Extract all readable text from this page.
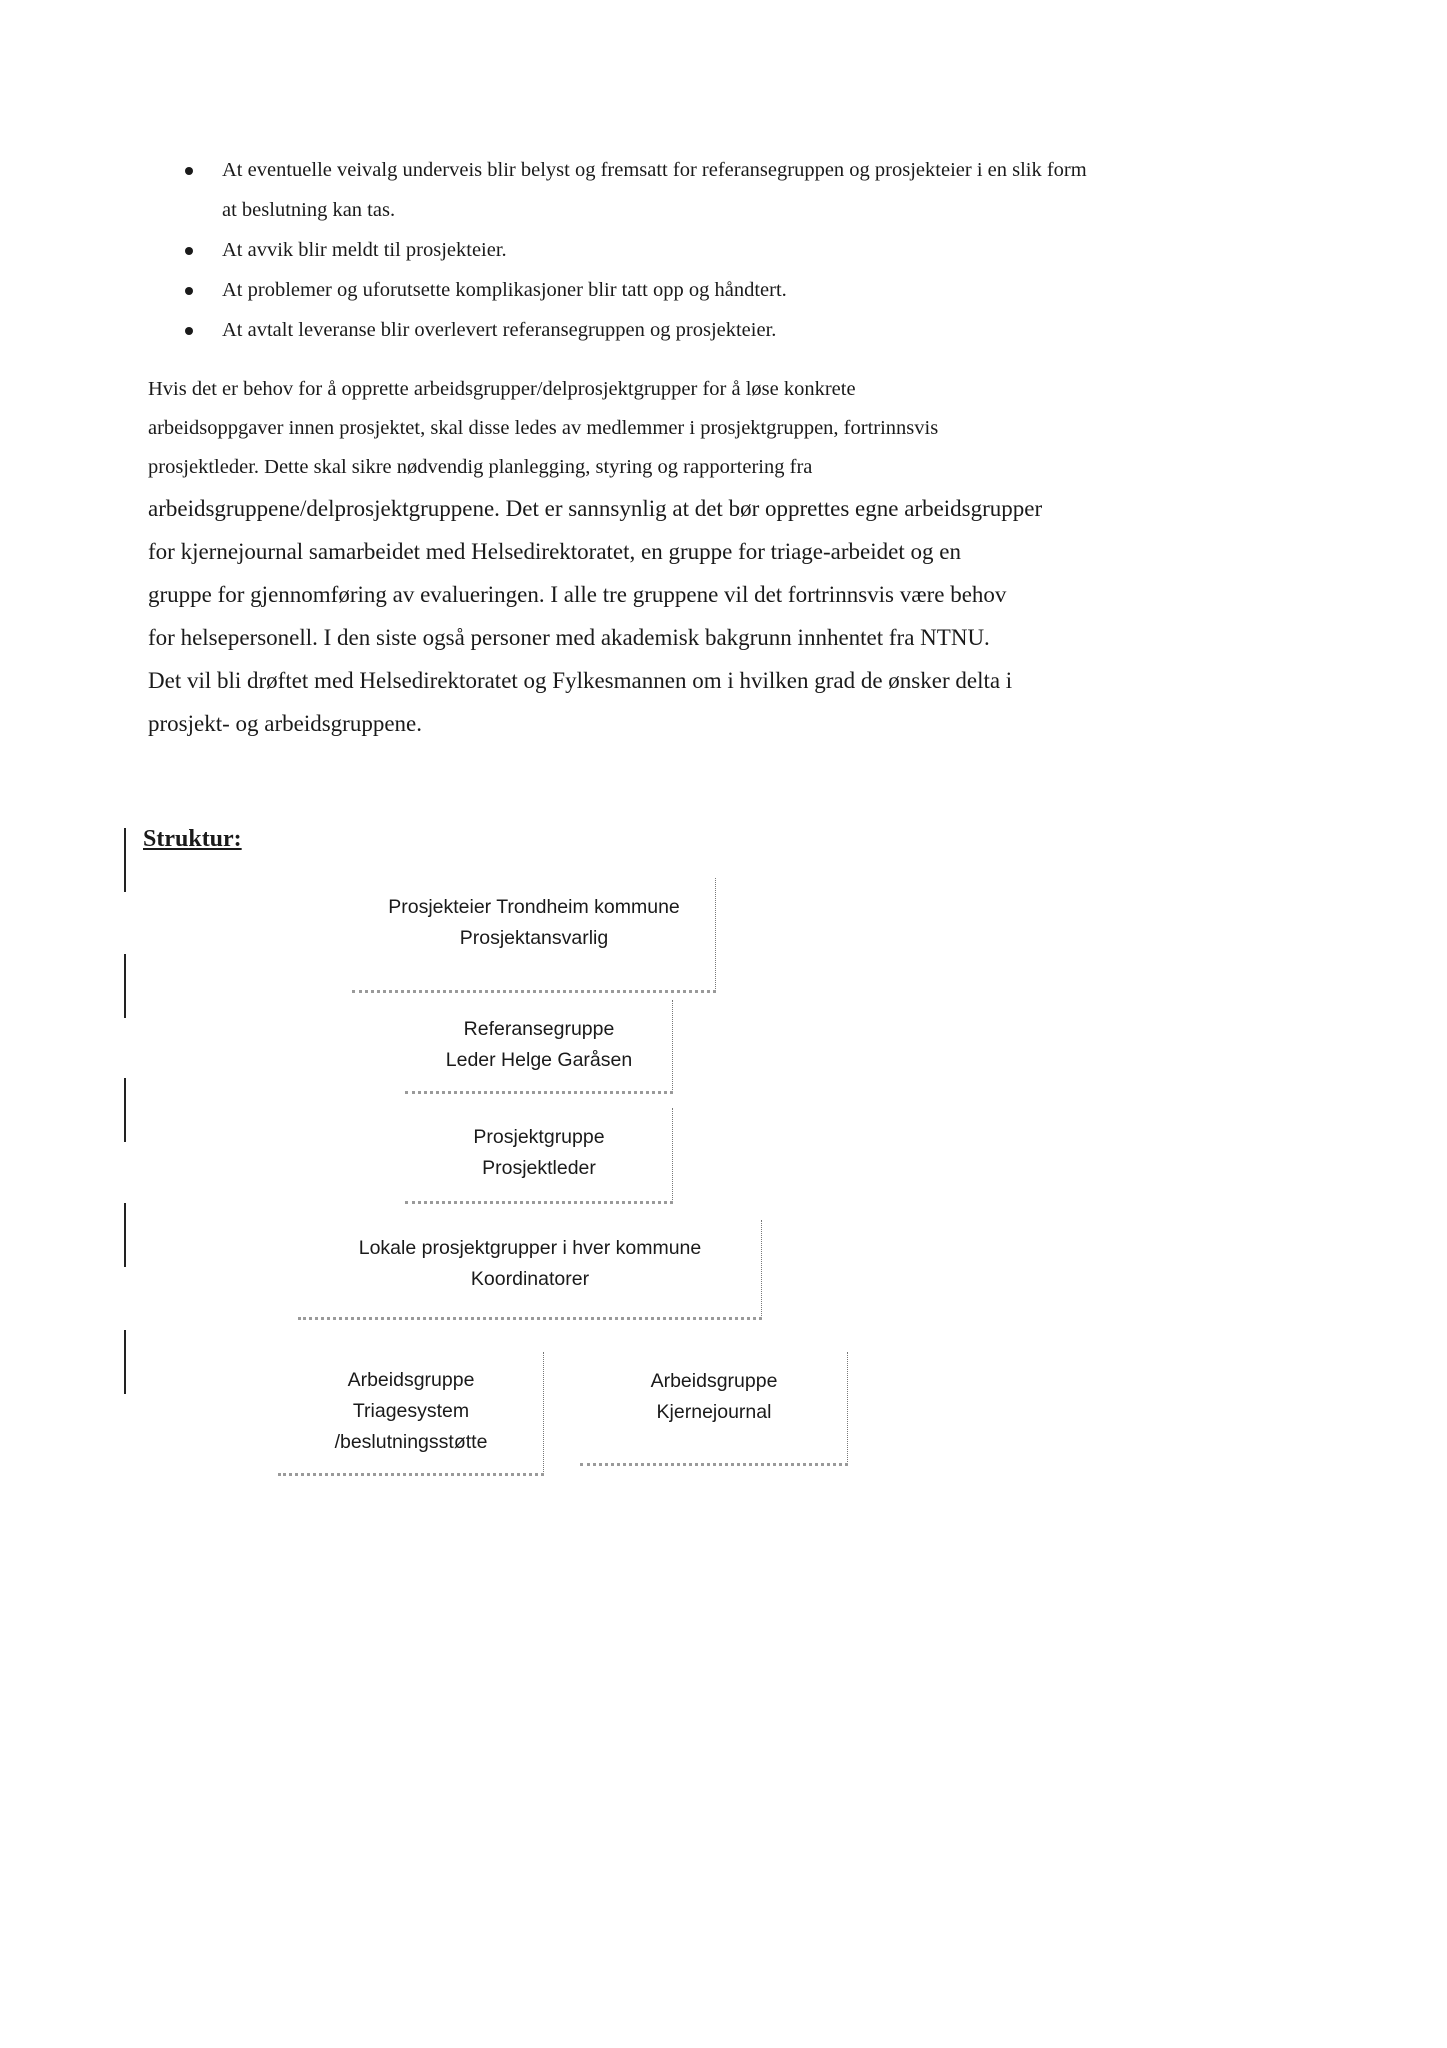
At eventuelle veivalg underveis blir belyst og fremsatt for referansegruppen og prosjekteier i en slik form at beslutning kan tas.
At avvik blir meldt til prosjekteier.
At problemer og uforutsette komplikasjoner blir tatt opp og håndtert.
At avtalt leveranse blir overlevert referansegruppen og prosjekteier.

Hvis det er behov for å opprette arbeidsgrupper/delprosjektgrupper for å løse konkrete
arbeidsoppgaver innen prosjektet, skal disse ledes av medlemmer i prosjektgruppen, fortrinnsvis
prosjektleder. Dette skal sikre nødvendig planlegging, styring og rapportering fra
arbeidsgruppene/delprosjektgruppene. Det er sannsynlig at det bør opprettes egne arbeidsgrupper
for kjernejournal samarbeidet med Helsedirektoratet, en gruppe for triage-arbeidet og en
gruppe for gjennomføring av evalueringen. I alle tre gruppene vil det fortrinnsvis være behov
for helsepersonell. I den siste også personer med akademisk bakgrunn innhentet fra NTNU.
Det vil bli drøftet med Helsedirektoratet og Fylkesmannen om i hvilken grad de ønsker delta i
prosjekt- og arbeidsgruppene.

Struktur:
Prosjekteier Trondheim kommune
Prosjektansvarlig
Referansegruppe
Leder Helge Garåsen
Prosjektgruppe
Prosjektleder
Lokale prosjektgrupper i hver kommune
Koordinatorer
Arbeidsgruppe
Triagesystem
/beslutningsstøtte
Arbeidsgruppe
Kjernejournal
